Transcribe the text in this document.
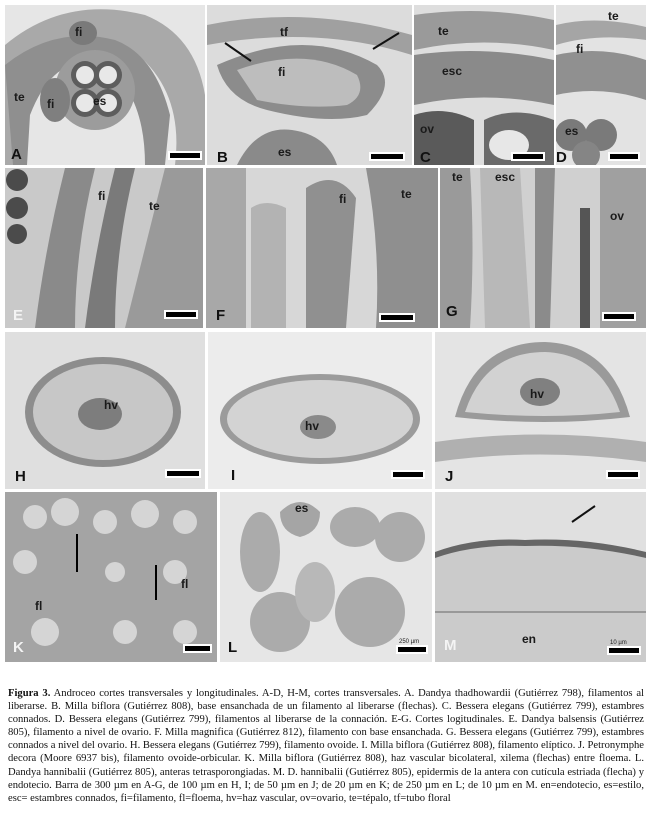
fi
te fi	es
A
tf
fi
es
B
te
esc
ov
C
te
fi
es
D
fi
te
E
fi	te
F
te	esc
ov
G
hv
H
hv
I
hv
J
fl
fl
K
es
L	250 µm	en
M	10 µm
Figura 3. Androceo cortes transversales y longitudinales. A-D, H-M, cortes transversales. A. Dandya thadhowardii (Gutiérrez 798), filamentos al liberarse. B. Milla biflora (Gutiérrez 808), base ensanchada de un filamento al liberarse (flechas). C. Bessera elegans (Gutiérrez 799), estambres connados. D. Bessera elegans (Gutiérrez 799), filamentos al liberarse de la connación. E-G. Cortes logitudinales. E. Dandya balsensis (Gutiérrez 805), filamento a nivel de ovario. F. Milla magnifica (Gutiérrez 812), filamento con base ensanchada. G. Bessera elegans (Gutiérrez 799), estambres connados a nivel del ovario. H. Bessera elegans (Gutiérrez 799), filamento ovoide. I. Milla biflora (Gutiérrez 808), filamento elíptico. J. Petronymphe decora (Moore 6937 bis), filamento ovoide-orbicular. K. Milla biflora (Gutiérrez 808), haz vascular bicolateral, xilema (flechas) entre floema. L. Dandya hannibalii (Gutiérrez 805), anteras tetrasporongiadas. M. D. hannibalii (Gutiérrez 805), epidermis de la antera con cutícula estriada (flecha) y endotecio. Barra de 300 µm en A-G, de 100 µm en H, I; de 50 µm en J; de 20 µm en K; de 250 µm en L; de 10 µm en M. en=endotecio, es=estilo, esc= estambres connados, fi=filamento, fl=floema, hv=haz vascular, ov=ovario, te=tépalo, tf=tubo floral
